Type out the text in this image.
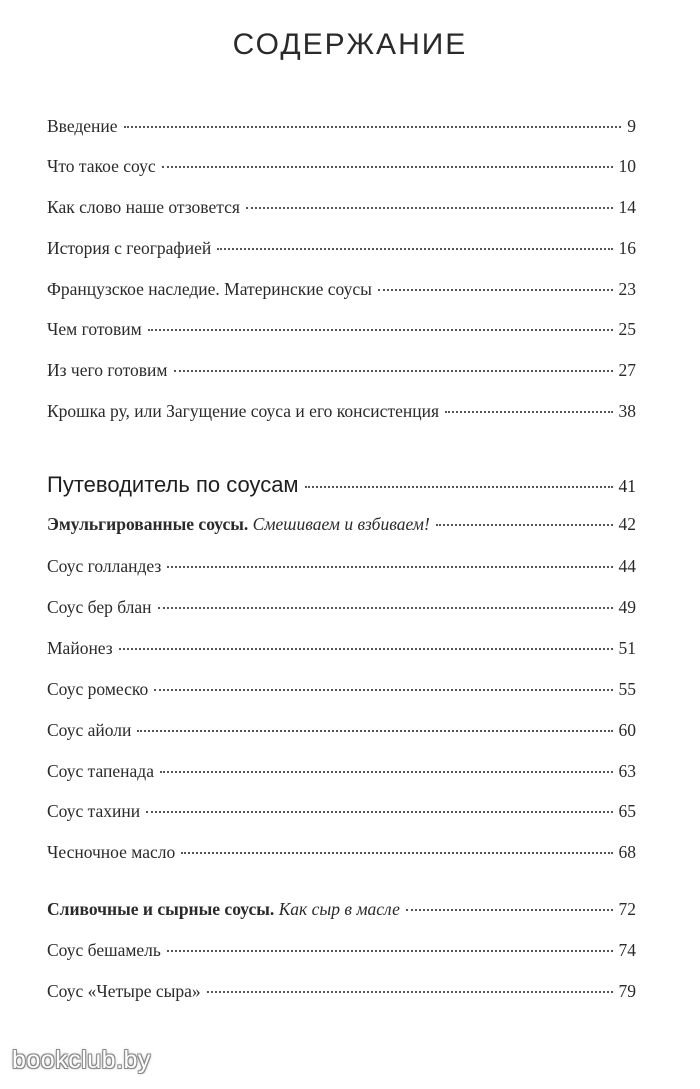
СОДЕРЖАНИЕ
Введение	9
Что такое соус	10
Как слово наше отзовется	14
История с географией	16
Французское наследие. Материнские соусы	23
Чем готовим	25
Из чего готовим	27
Крошка ру, или Загущение соуса и его консистенция	38
Путеводитель по соусам	41
Эмульгированные соусы. Смешиваем и взбиваем!	42
Соус голландез	44
Соус бер блан	49
Майонез	51
Соус ромеско	55
Соус айоли	60
Соус тапенада	63
Соус тахини	65
Чесночное масло	68
Сливочные и сырные соусы. Как сыр в масле	72
Соус бешамель	74
Соус «Четыре сыра»	79
bookclub.by
